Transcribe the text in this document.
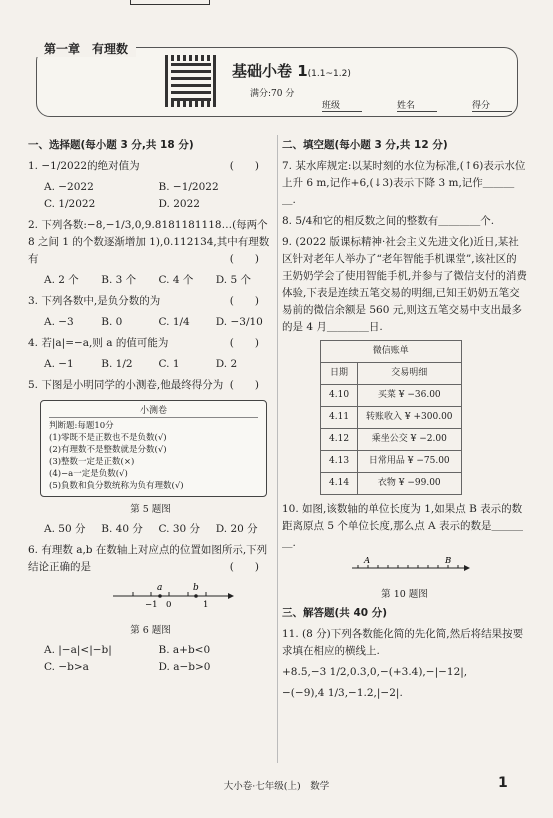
第一章　有理数
基础小卷 1(1.1~1.2)
满分:70 分
班级	姓名	得分
一、选择题(每小题 3 分,共 18 分)
(　　)
1. −1/2022的绝对值为
A. −2022	B. −1/2022
C. 1/2022	D. 2022
2. 下列各数:−8,−1/3,0,9.8181181118…(每两个 8 之间 1 的个数逐渐增加 1),0.112134,其中有理数有	(　　)
A. 2 个	B. 3 个	C. 4 个	D. 5 个
(　　)
3. 下列各数中,是负分数的为
A. −3	B. 0	C. 1/4	D. −3/10
(　　)
4. 若|a|=−a,则 a 的值可能为
A. −1	B. 1/2	C. 1	D. 2
5. 下图是小明同学的小测卷,他最终得分为 (　　)
小测卷
判断题:每题10分
(1)零既不是正数也不是负数(√)
(2)有理数不是整数就是分数(√)
(3)整数一定是正数(×)
(4)−a一定是负数(√)
(5)負数和負分数统称为负有理数(√)
第 5 题图
A. 50 分	B. 40 分	C. 30 分	D. 20 分
6. 有理数 a,b 在数轴上对应点的位置如图所示,下列结论正确的是	(　　)
a	b
−1 0	1
第 6 题图
A. |−a|<|−b|	B. a+b<0
C. −b>a	D. a−b>0
二、填空题(每小题 3 分,共 12 分)
7. 某水库规定:以某时刻的水位为标准,(↑6)表示水位上升 6 m,记作+6,(↓3)表示下降 3 m,记作＿＿＿＿.
8. 5/4和它的相反数之间的整数有＿＿＿＿个.
9. (2022 版课标精神·社会主义先进文化)近日,某社区针对老年人举办了“老年智能手机课堂”,该社区的王奶奶学会了使用智能手机,并参与了微信支付的消费体验,下表是连续五笔交易的明细,已知王奶奶五笔交易前的微信余额是 560 元,则这五笔交易中支出最多的是 4 月＿＿＿＿日.
微信账单	
日期	交易明细
4.10	买菜 ¥ −36.00
4.11	转账收入 ¥ +300.00
4.12	乘坐公交 ¥ −2.00
4.13	日常用品 ¥ −75.00
4.14	衣物 ¥ −99.00
10. 如图,该数轴的单位长度为 1,如果点 B 表示的数距离原点 5 个单位长度,那么点 A 表示的数是＿＿＿＿.
A	B
第 10 题图
三、解答题(共 40 分)
11. (8 分)下列各数能化简的先化简,然后将结果按要求填在相应的横线上.
+8.5,−3 1/2,0.3,0,−(+3.4),−|−12|,
−(−9),4 1/3,−1.2,|−2|.
大小卷·七年级(上)　数学	1
